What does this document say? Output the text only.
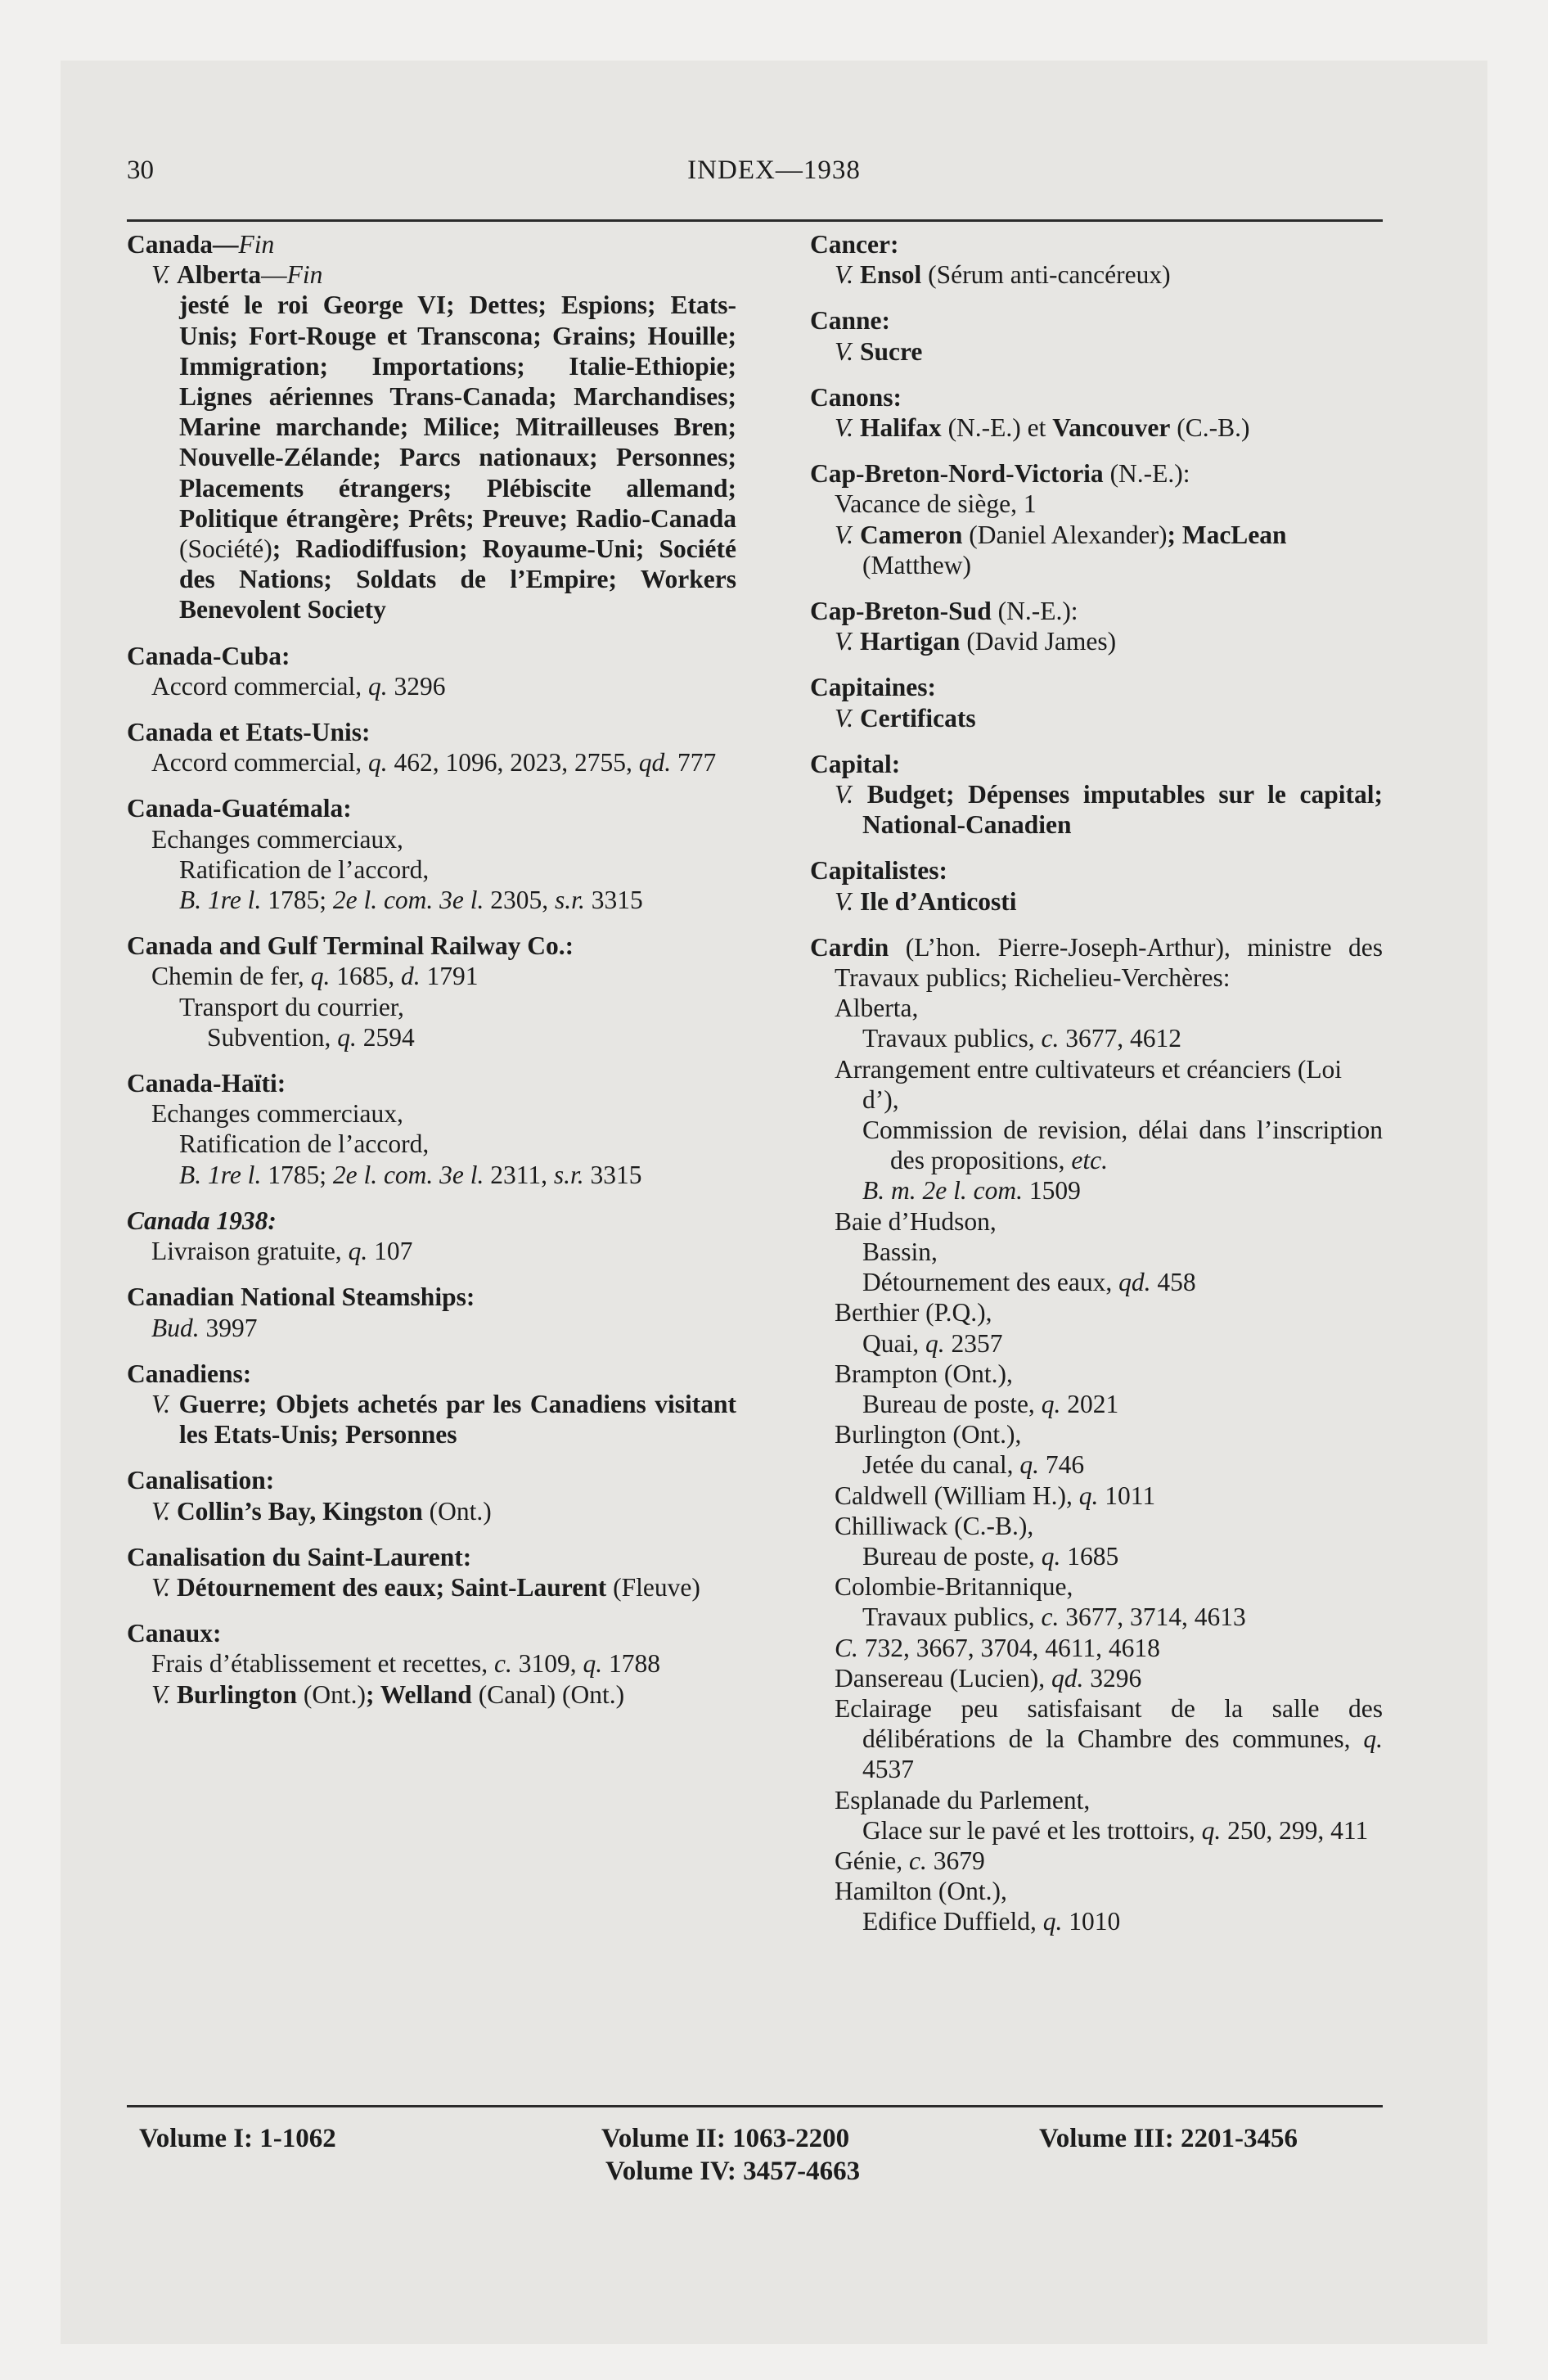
30	INDEX—1938
Canada—Fin
V. Alberta—Fin
jesté le roi George VI; Dettes; Espions; Etats-Unis; Fort-Rouge et Transcona; Grains; Houille; Immigration; Importations; Italie-Ethiopie; Lignes aériennes Trans-Canada; Marchandises; Marine marchande; Milice; Mitrailleuses Bren; Nouvelle-Zélande; Parcs nationaux; Personnes; Placements étrangers; Plébiscite allemand; Politique étrangère; Prêts; Preuve; Radio-Canada (Société); Radiodiffusion; Royaume-Uni; Société des Nations; Soldats de l’Empire; Workers Benevolent Society
Canada-Cuba:
Accord commercial, q. 3296
Canada et Etats-Unis:
Accord commercial, q. 462, 1096, 2023, 2755, qd. 777
Canada-Guatémala:
Echanges commerciaux,
Ratification de l’accord,
B. 1re l. 1785; 2e l. com. 3e l. 2305, s.r. 3315
Canada and Gulf Terminal Railway Co.:
Chemin de fer, q. 1685, d. 1791
Transport du courrier,
Subvention, q. 2594
Canada-Haïti:
Echanges commerciaux,
Ratification de l’accord,
B. 1re l. 1785; 2e l. com. 3e l. 2311, s.r. 3315
Canada 1938:
Livraison gratuite, q. 107
Canadian National Steamships:
Bud. 3997
Canadiens:
V. Guerre; Objets achetés par les Canadiens visitant les Etats-Unis; Personnes
Canalisation:
V. Collin’s Bay, Kingston (Ont.)
Canalisation du Saint-Laurent:
V. Détournement des eaux; Saint-Laurent (Fleuve)
Canaux:
Frais d’établissement et recettes, c. 3109, q. 1788
V. Burlington (Ont.); Welland (Canal) (Ont.)
Cancer:
V. Ensol (Sérum anti-cancéreux)
Canne:
V. Sucre
Canons:
V. Halifax (N.-E.) et Vancouver (C.-B.)
Cap-Breton-Nord-Victoria (N.-E.):
Vacance de siège, 1
V. Cameron (Daniel Alexander); MacLean (Matthew)
Cap-Breton-Sud (N.-E.):
V. Hartigan (David James)
Capitaines:
V. Certificats
Capital:
V. Budget; Dépenses imputables sur le capital; National-Canadien
Capitalistes:
V. Ile d’Anticosti
Cardin (L’hon. Pierre-Joseph-Arthur), ministre des Travaux publics; Richelieu-Verchères:
Alberta,
Travaux publics, c. 3677, 4612
Arrangement entre cultivateurs et créanciers (Loi d’),
Commission de revision, délai dans l’inscription des propositions, etc.
B. m. 2e l. com. 1509
Baie d’Hudson,
Bassin,
Détournement des eaux, qd. 458
Berthier (P.Q.),
Quai, q. 2357
Brampton (Ont.),
Bureau de poste, q. 2021
Burlington (Ont.),
Jetée du canal, q. 746
Caldwell (William H.), q. 1011
Chilliwack (C.-B.),
Bureau de poste, q. 1685
Colombie-Britannique,
Travaux publics, c. 3677, 3714, 4613
C. 732, 3667, 3704, 4611, 4618
Dansereau (Lucien), qd. 3296
Eclairage peu satisfaisant de la salle des délibérations de la Chambre des communes, q. 4537
Esplanade du Parlement,
Glace sur le pavé et les trottoirs, q. 250, 299, 411
Génie, c. 3679
Hamilton (Ont.),
Edifice Duffield, q. 1010
Volume I: 1-1062	Volume II: 1063-2200	Volume III: 2201-3456
Volume IV: 3457-4663
